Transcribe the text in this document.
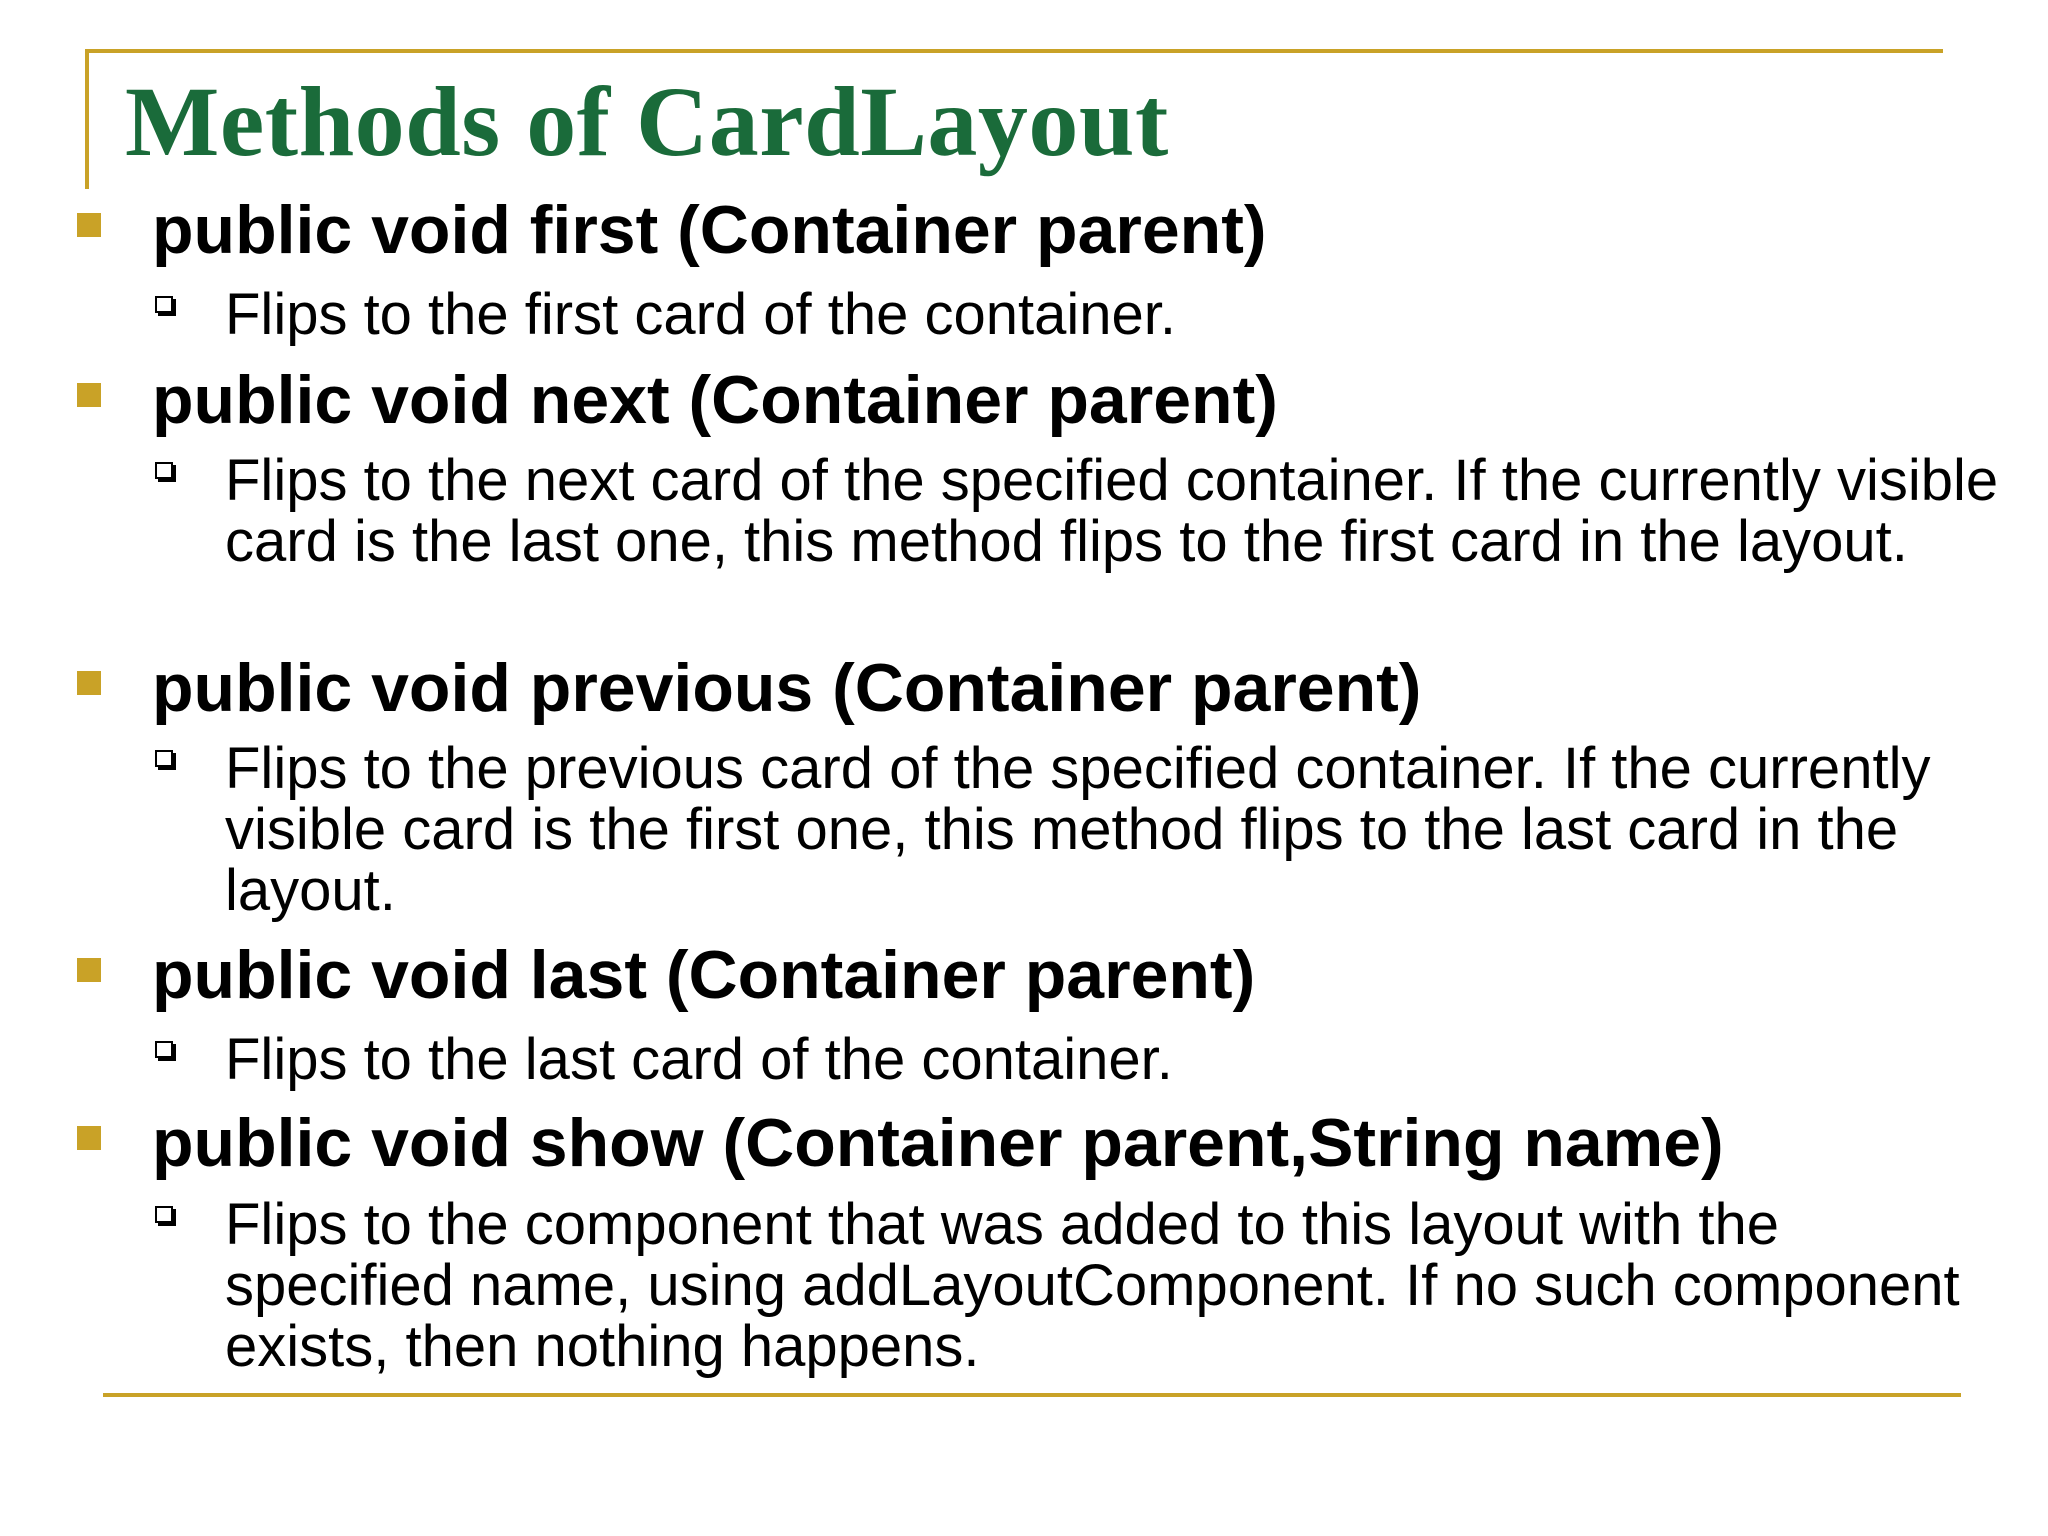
Methods of CardLayout
public void first (Container parent)
Flips to the first card of the container.
public void next (Container parent)
Flips to the next card of the specified container. If the currently visible card is the last one, this method flips to the first card in the layout.
public void previous (Container parent)
Flips to the previous card of the specified container. If the currently visible card is the first one, this method flips to the last card in the layout.
public void last (Container parent)
Flips to the last card of the container.
public void show (Container parent,String name)
Flips to the component that was added to this layout with the specified name, using addLayoutComponent. If no such component exists, then nothing happens.
